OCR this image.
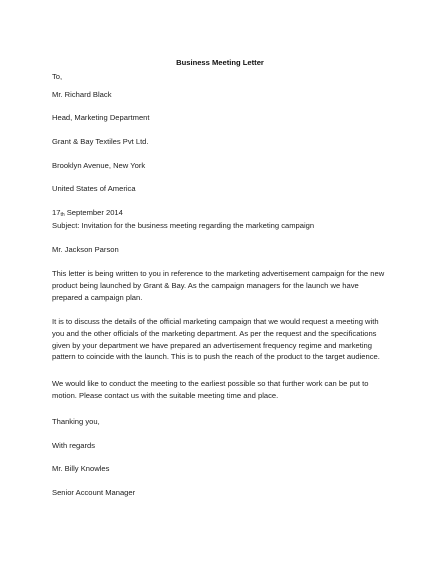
Business Meeting Letter
To,
Mr. Richard Black
Head, Marketing Department
Grant & Bay Textiles Pvt Ltd.
Brooklyn Avenue, New York
United States of America
17th September 2014
Subject: Invitation for the business meeting regarding the marketing campaign
Mr. Jackson Parson
This letter is being written to you in reference to the marketing advertisement campaign for the new
product being launched by Grant & Bay. As the campaign managers for the launch we have
prepared a campaign plan.
It is to discuss the details of the official marketing campaign that we would request a meeting with
you and the other officials of the marketing department. As per the request and the specifications
given by your department we have prepared an advertisement frequency regime and marketing
pattern to coincide with the launch. This is to push the reach of the product to the target audience.
We would like to conduct the meeting to the earliest possible so that further work can be put to
motion. Please contact us with the suitable meeting time and place.
Thanking you,
With regards
Mr. Billy Knowles
Senior Account Manager
